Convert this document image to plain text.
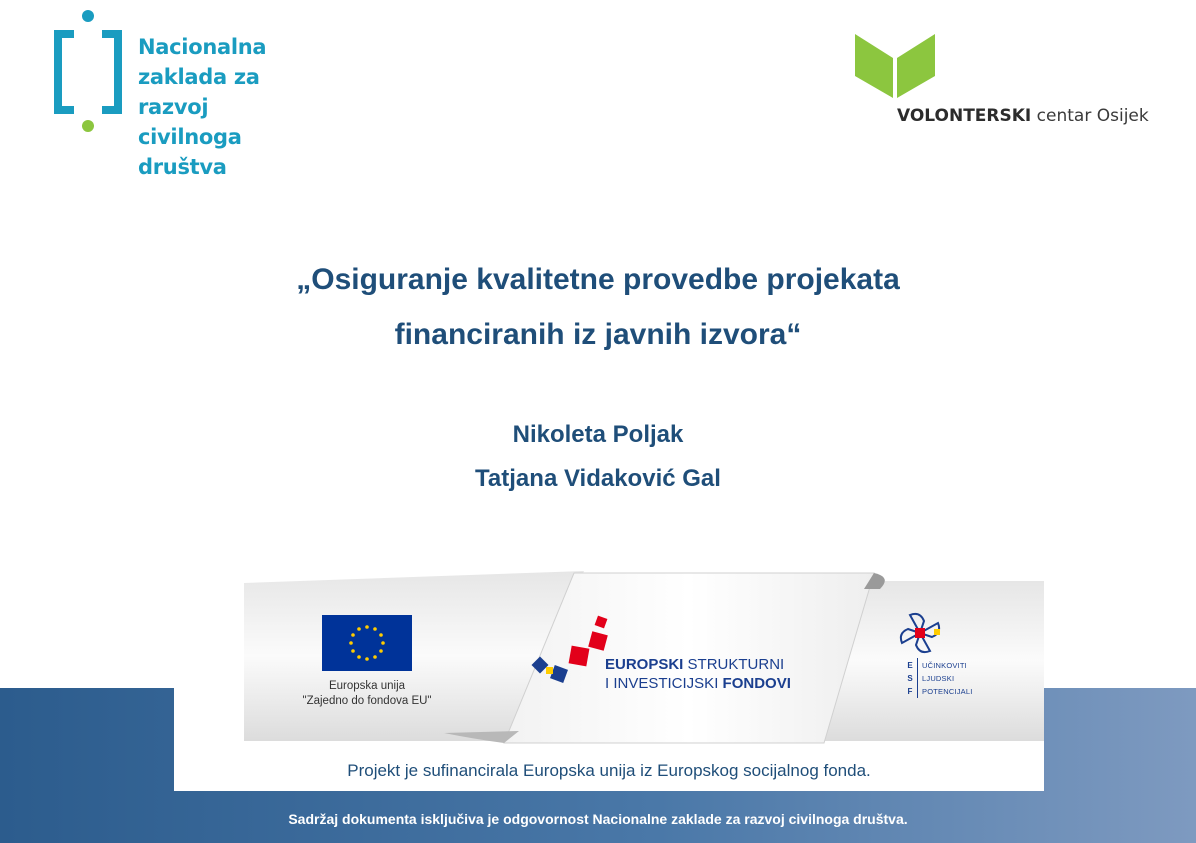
Nacionalna
zaklada za
razvoj
civilnoga
društva
VOLONTERSKI centar Osijek
„Osiguranje kvalitetne provedbe projekata
financiranih iz javnih izvora“
Nikoleta Poljak
Tatjana Vidaković Gal
Europska unija
"Zajedno do fondova EU"
EUROPSKI STRUKTURNI
I INVESTICIJSKI FONDOVI
E
S
F
UČINKOVITI
LJUDSKI
POTENCIJALI
Projekt je sufinancirala Europska unija iz Europskog socijalnog fonda.
Sadržaj dokumenta isključiva je odgovornost Nacionalne zaklade za razvoj civilnoga društva.
